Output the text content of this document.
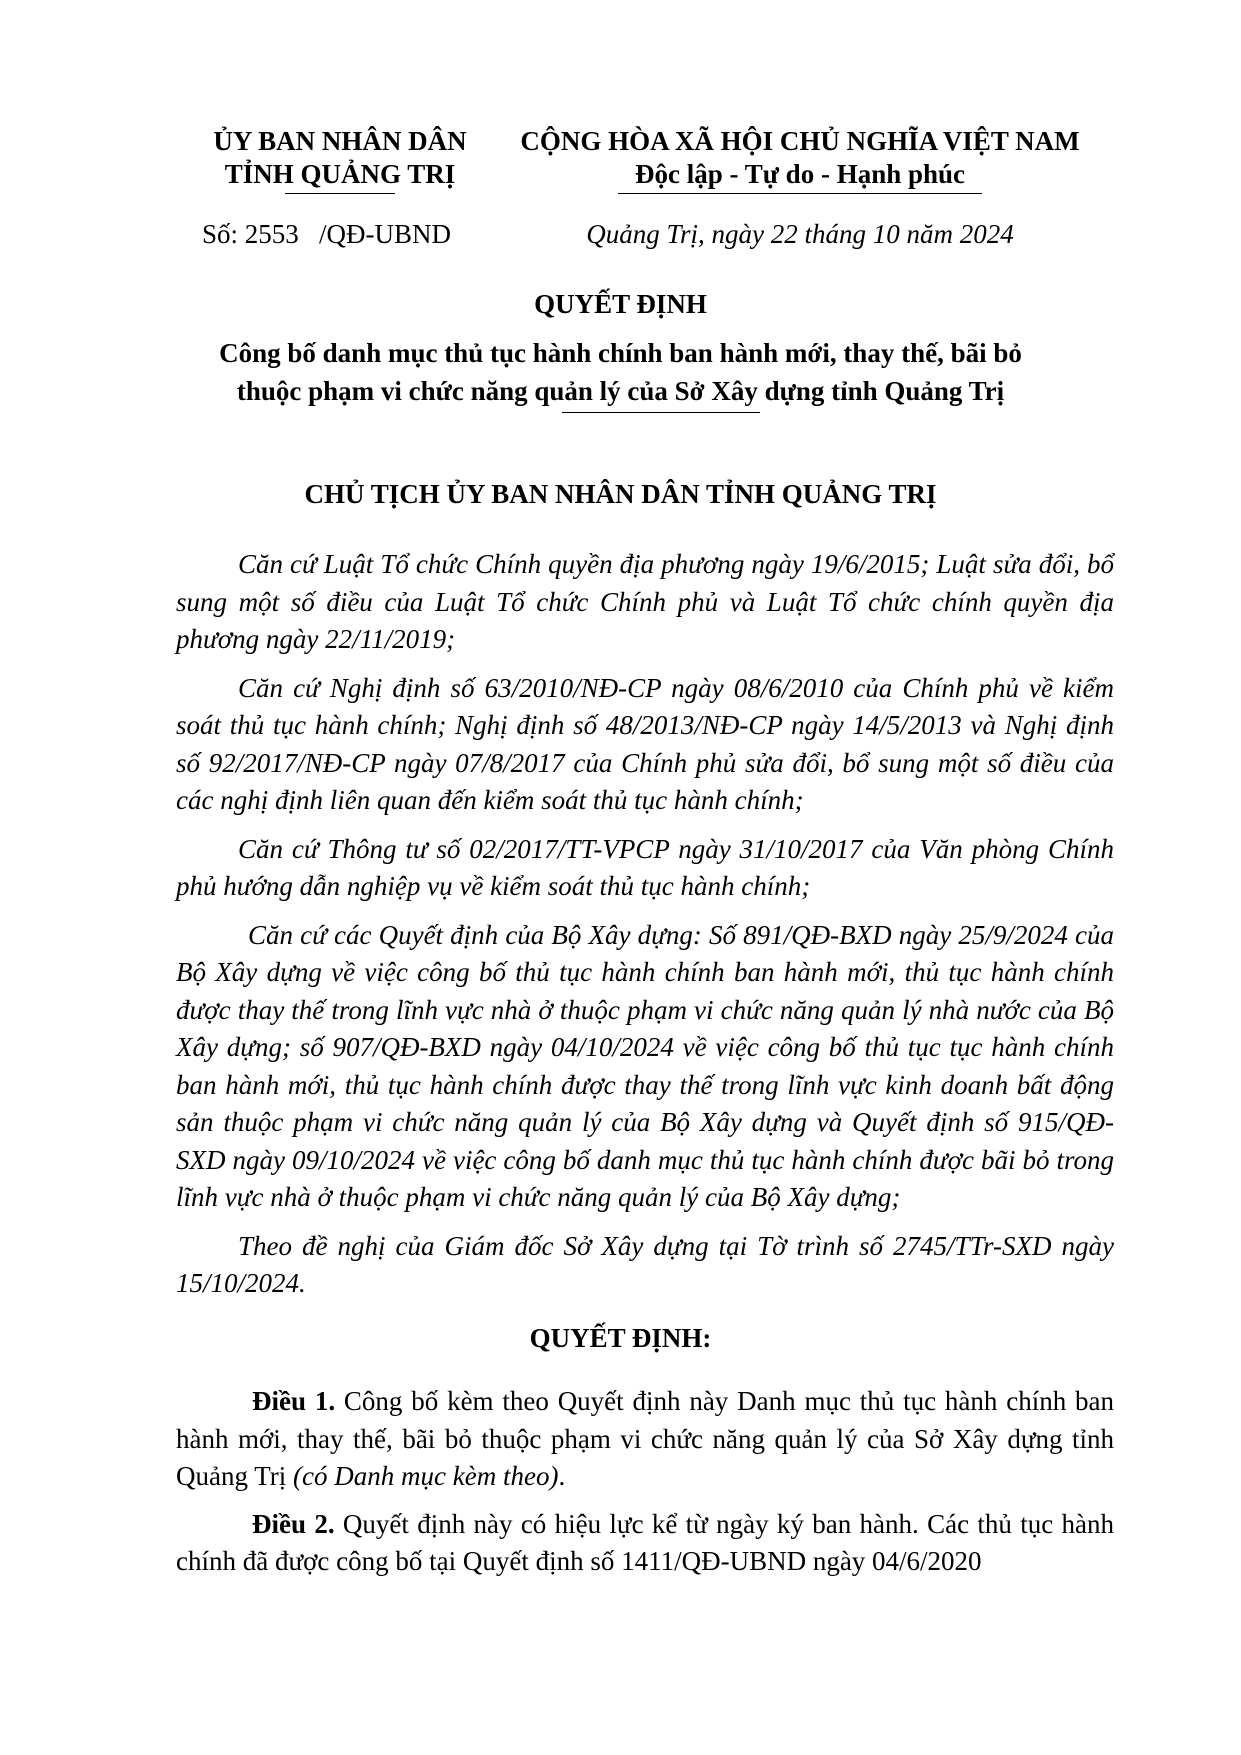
ỦY BAN NHÂN DÂN
TỈNH QUẢNG TRỊ
CỘNG HÒA XÃ HỘI CHỦ NGHĨA VIỆT NAM
Độc lập - Tự do - Hạnh phúc
Số: 2553   /QĐ-UBND	Quảng Trị, ngày 22 tháng 10 năm 2024
QUYẾT ĐỊNH
Công bố danh mục thủ tục hành chính ban hành mới, thay thế, bãi bỏ
thuộc phạm vi chức năng quản lý của Sở Xây dựng tỉnh Quảng Trị
CHỦ TỊCH ỦY BAN NHÂN DÂN TỈNH QUẢNG TRỊ

Căn cứ Luật Tổ chức Chính quyền địa phương ngày 19/6/2015; Luật sửa đổi, bổ sung một số điều của Luật Tổ chức Chính phủ và Luật Tổ chức chính quyền địa phương ngày 22/11/2019;

Căn cứ Nghị định số 63/2010/NĐ-CP ngày 08/6/2010 của Chính phủ về kiểm soát thủ tục hành chính; Nghị định số 48/2013/NĐ-CP ngày 14/5/2013 và Nghị định số 92/2017/NĐ-CP ngày 07/8/2017 của Chính phủ sửa đổi, bổ sung một số điều của các nghị định liên quan đến kiểm soát thủ tục hành chính;

Căn cứ Thông tư số 02/2017/TT-VPCP ngày 31/10/2017 của Văn phòng Chính phủ hướng dẫn nghiệp vụ về kiểm soát thủ tục hành chính;

Căn cứ các Quyết định của Bộ Xây dựng: Số 891/QĐ-BXD ngày 25/9/2024 của Bộ Xây dựng về việc công bố thủ tục hành chính ban hành mới, thủ tục hành chính được thay thế trong lĩnh vực nhà ở thuộc phạm vi chức năng quản lý nhà nước của Bộ Xây dựng; số 907/QĐ-BXD ngày 04/10/2024 về việc công bố thủ tục tục hành chính ban hành mới, thủ tục hành chính được thay thế trong lĩnh vực kinh doanh bất động sản thuộc phạm vi chức năng quản lý của Bộ Xây dựng và Quyết định số 915/QĐ-SXD ngày 09/10/2024 về việc công bố danh mục thủ tục hành chính được bãi bỏ trong lĩnh vực nhà ở thuộc phạm vi chức năng quản lý của Bộ Xây dựng;

Theo đề nghị của Giám đốc Sở Xây dựng tại Tờ trình số 2745/TTr-SXD ngày 15/10/2024.

QUYẾT ĐỊNH:

Điều 1. Công bố kèm theo Quyết định này Danh mục thủ tục hành chính ban hành mới, thay thế, bãi bỏ thuộc phạm vi chức năng quản lý của Sở Xây dựng tỉnh Quảng Trị (có Danh mục kèm theo).

Điều 2. Quyết định này có hiệu lực kể từ ngày ký ban hành. Các thủ tục hành chính đã được công bố tại Quyết định số 1411/QĐ-UBND ngày 04/6/2020
